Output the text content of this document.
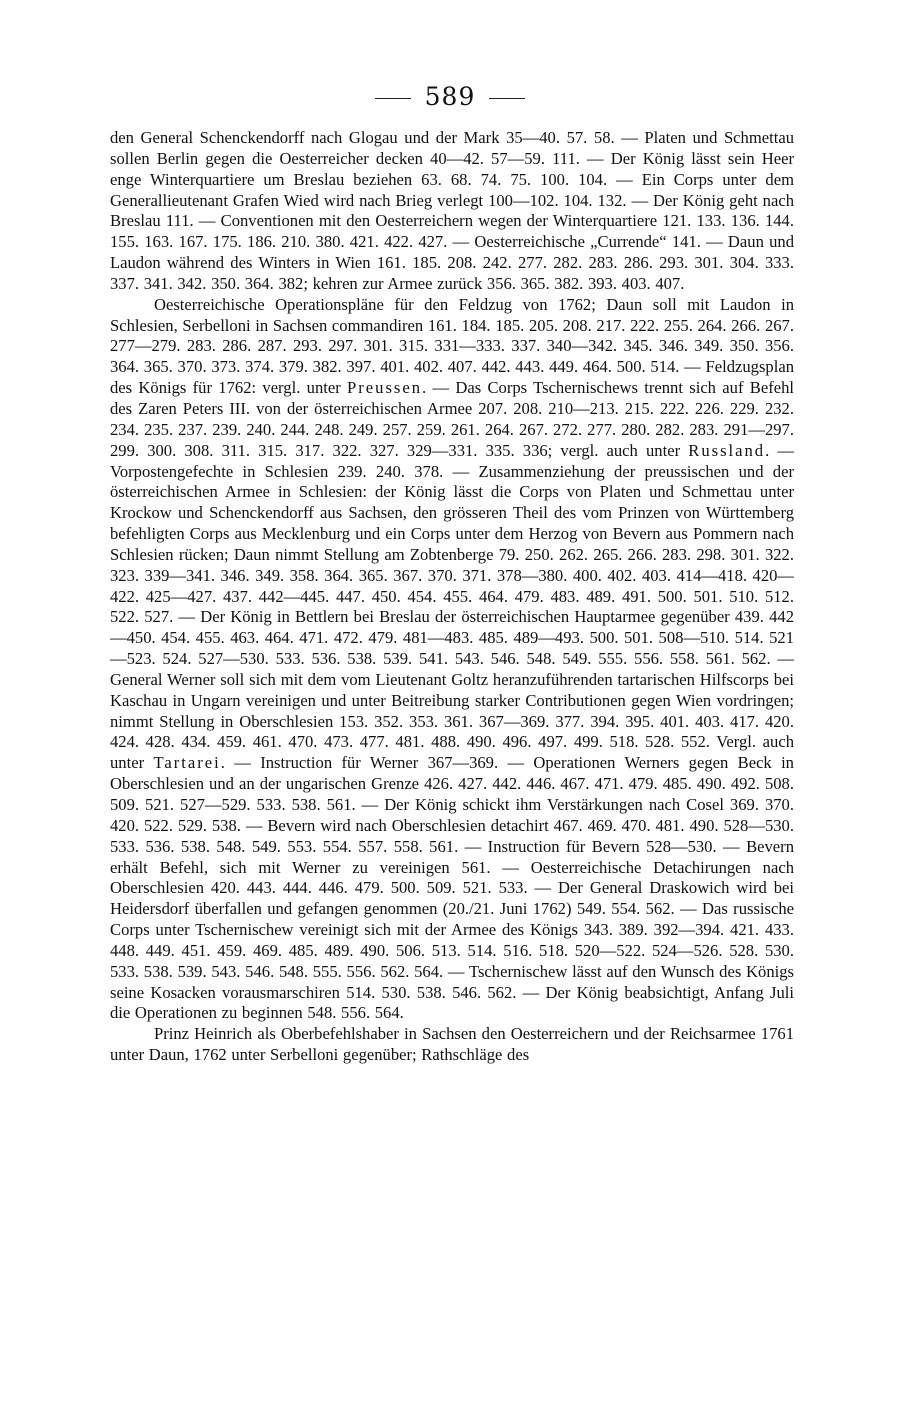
589

den General Schenckendorff nach Glogau und der Mark 35—40. 57. 58. — Platen und Schmettau sollen Berlin gegen die Oesterreicher decken 40—42. 57—59. 111. — Der König lässt sein Heer enge Winterquartiere um Breslau beziehen 63. 68. 74. 75. 100. 104. — Ein Corps unter dem Generallieutenant Grafen Wied wird nach Brieg verlegt 100—102. 104. 132. — Der König geht nach Breslau 111. — Conventionen mit den Oesterreichern wegen der Winterquartiere 121. 133. 136. 144. 155. 163. 167. 175. 186. 210. 380. 421. 422. 427. — Oesterreichische „Currende“ 141. — Daun und Laudon während des Winters in Wien 161. 185. 208. 242. 277. 282. 283. 286. 293. 301. 304. 333. 337. 341. 342. 350. 364. 382; kehren zur Armee zurück 356. 365. 382. 393. 403. 407.

Oesterreichische Operationspläne für den Feldzug von 1762; Daun soll mit Laudon in Schlesien, Serbelloni in Sachsen commandiren 161. 184. 185. 205. 208. 217. 222. 255. 264. 266. 267. 277—279. 283. 286. 287. 293. 297. 301. 315. 331—333. 337. 340—342. 345. 346. 349. 350. 356. 364. 365. 370. 373. 374. 379. 382. 397. 401. 402. 407. 442. 443. 449. 464. 500. 514. — Feldzugsplan des Königs für 1762: vergl. unter Preussen. — Das Corps Tschernischews trennt sich auf Befehl des Zaren Peters III. von der österreichischen Armee 207. 208. 210—213. 215. 222. 226. 229. 232. 234. 235. 237. 239. 240. 244. 248. 249. 257. 259. 261. 264. 267. 272. 277. 280. 282. 283. 291—297. 299. 300. 308. 311. 315. 317. 322. 327. 329—331. 335. 336; vergl. auch unter Russland. — Vorpostengefechte in Schlesien 239. 240. 378. — Zusammenziehung der preussischen und der österreichischen Armee in Schlesien: der König lässt die Corps von Platen und Schmettau unter Krockow und Schenckendorff aus Sachsen, den grösseren Theil des vom Prinzen von Württemberg befehligten Corps aus Mecklenburg und ein Corps unter dem Herzog von Bevern aus Pommern nach Schlesien rücken; Daun nimmt Stellung am Zobtenberge 79. 250. 262. 265. 266. 283. 298. 301. 322. 323. 339—341. 346. 349. 358. 364. 365. 367. 370. 371. 378—380. 400. 402. 403. 414—418. 420—422. 425—427. 437. 442—445. 447. 450. 454. 455. 464. 479. 483. 489. 491. 500. 501. 510. 512. 522. 527. — Der König in Bettlern bei Breslau der österreichischen Hauptarmee gegenüber 439. 442—450. 454. 455. 463. 464. 471. 472. 479. 481—483. 485. 489—493. 500. 501. 508—510. 514. 521—523. 524. 527—530. 533. 536. 538. 539. 541. 543. 546. 548. 549. 555. 556. 558. 561. 562. — General Werner soll sich mit dem vom Lieutenant Goltz heranzuführenden tartarischen Hilfscorps bei Kaschau in Ungarn vereinigen und unter Beitreibung starker Contributionen gegen Wien vordringen; nimmt Stellung in Oberschlesien 153. 352. 353. 361. 367—369. 377. 394. 395. 401. 403. 417. 420. 424. 428. 434. 459. 461. 470. 473. 477. 481. 488. 490. 496. 497. 499. 518. 528. 552. Vergl. auch unter Tartarei. — Instruction für Werner 367—369. — Operationen Werners gegen Beck in Oberschlesien und an der ungarischen Grenze 426. 427. 442. 446. 467. 471. 479. 485. 490. 492. 508. 509. 521. 527—529. 533. 538. 561. — Der König schickt ihm Verstärkungen nach Cosel 369. 370. 420. 522. 529. 538. — Bevern wird nach Oberschlesien detachirt 467. 469. 470. 481. 490. 528—530. 533. 536. 538. 548. 549. 553. 554. 557. 558. 561. — Instruction für Bevern 528—530. — Bevern erhält Befehl, sich mit Werner zu vereinigen 561. — Oesterreichische Detachirungen nach Oberschlesien 420. 443. 444. 446. 479. 500. 509. 521. 533. — Der General Draskowich wird bei Heidersdorf überfallen und gefangen genommen (20./21. Juni 1762) 549. 554. 562. — Das russische Corps unter Tschernischew vereinigt sich mit der Armee des Königs 343. 389. 392—394. 421. 433. 448. 449. 451. 459. 469. 485. 489. 490. 506. 513. 514. 516. 518. 520—522. 524—526. 528. 530. 533. 538. 539. 543. 546. 548. 555. 556. 562. 564. — Tschernischew lässt auf den Wunsch des Königs seine Kosacken vorausmarschiren 514. 530. 538. 546. 562. — Der König beabsichtigt, Anfang Juli die Operationen zu beginnen 548. 556. 564.

Prinz Heinrich als Oberbefehlshaber in Sachsen den Oesterreichern und der Reichsarmee 1761 unter Daun, 1762 unter Serbelloni gegenüber; Rathschläge des
